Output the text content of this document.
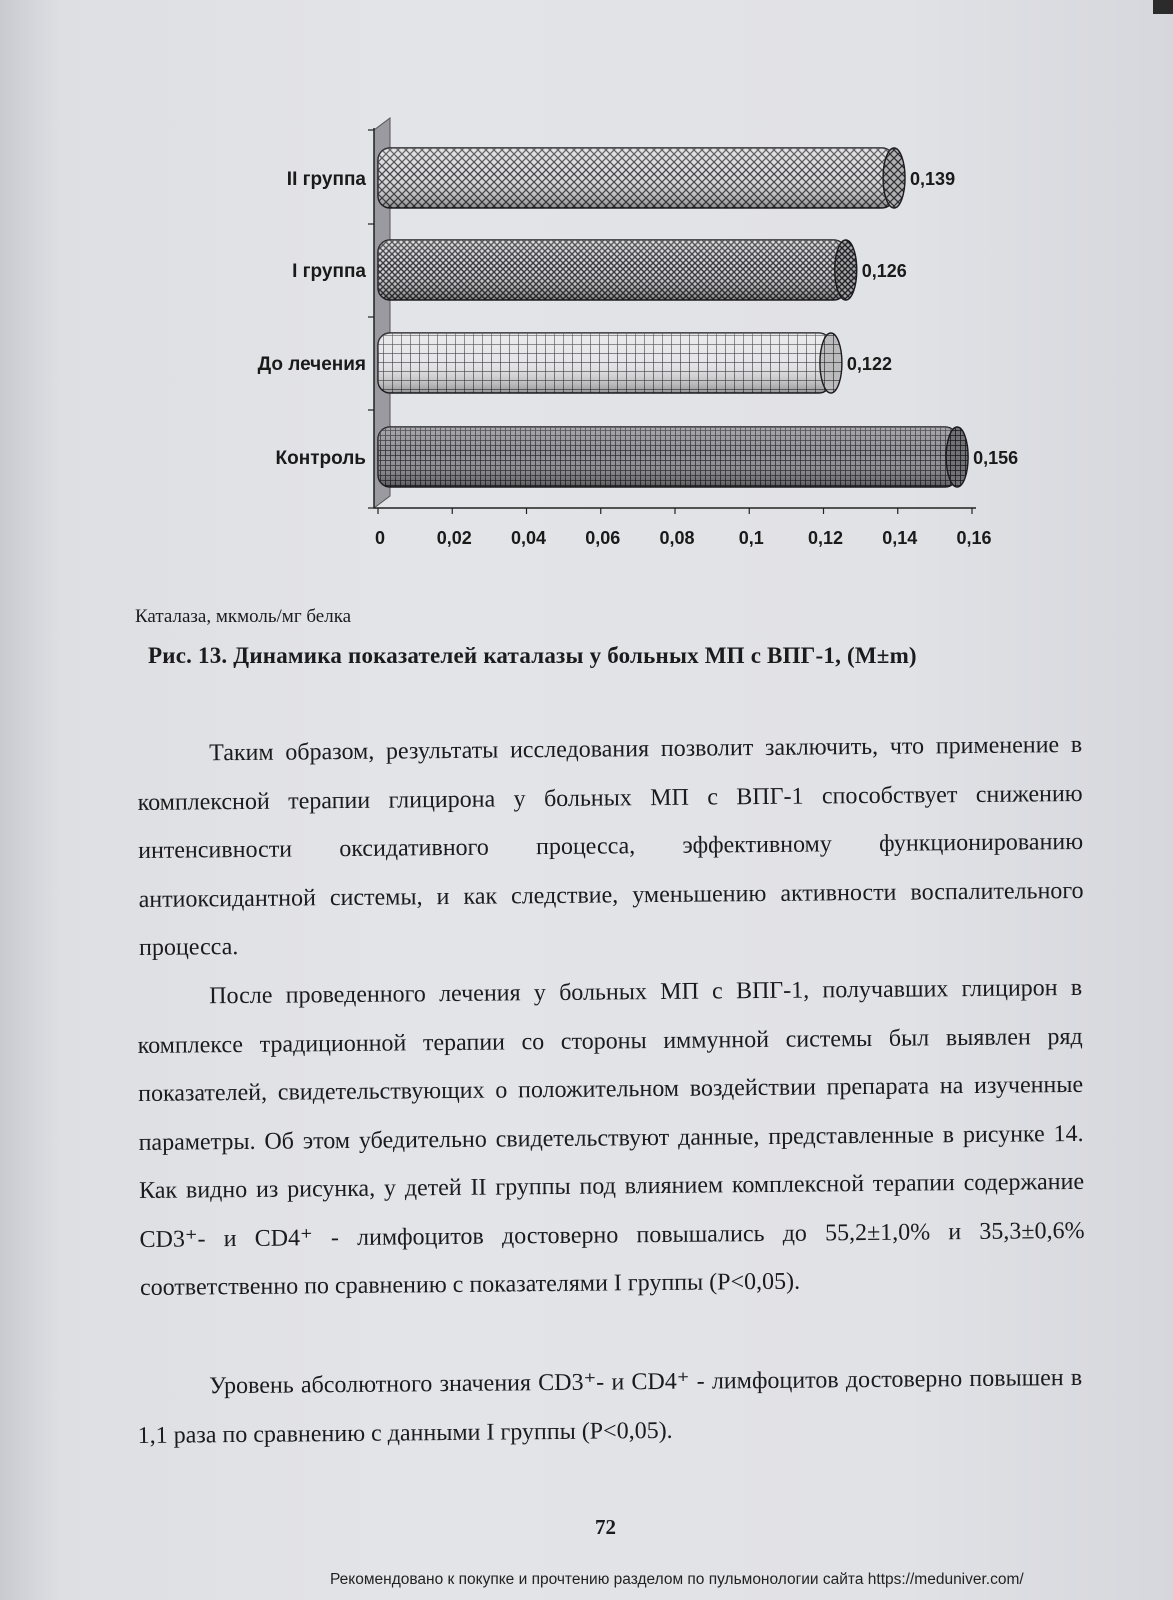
0	0,02 0,04 0,06 0,08 0,1 0,12 0,14 0,16
II группа	0,139
I группа	0,126
До лечения	0,122
Контроль	0,156
Каталаза, мкмоль/мг белка
Рис. 13. Динамика показателей каталазы у больных МП с ВПГ-1, (M±m)

Таким образом, результаты исследования позволит заключить, что применение в комплексной терапии глицирона у больных МП с ВПГ-1 способствует снижению интенсивности оксидативного процесса, эффективному функционированию антиоксидантной системы, и как следствие, уменьшению активности воспалительного процесса.

После проведенного лечения у больных МП с ВПГ-1, получавших глицирон в комплексе традиционной терапии со стороны иммунной системы был выявлен ряд показателей, свидетельствующих о положительном воздействии препарата на изученные параметры. Об этом убедительно свидетельствуют данные, представленные в рисунке 14. Как видно из рисунка, у детей II группы под влиянием комплексной терапии содержание CD3⁺- и CD4⁺ - лимфоцитов достоверно повышались до 55,2±1,0% и 35,3±0,6% соответственно по сравнению с показателями I группы (P<0,05).

Уровень абсолютного значения CD3⁺- и CD4⁺ - лимфоцитов достоверно повышен в 1,1 раза по сравнению с данными I группы (P<0,05).

72
Рекомендовано к покупке и прочтению разделом по пульмонологии сайта https://meduniver.com/
